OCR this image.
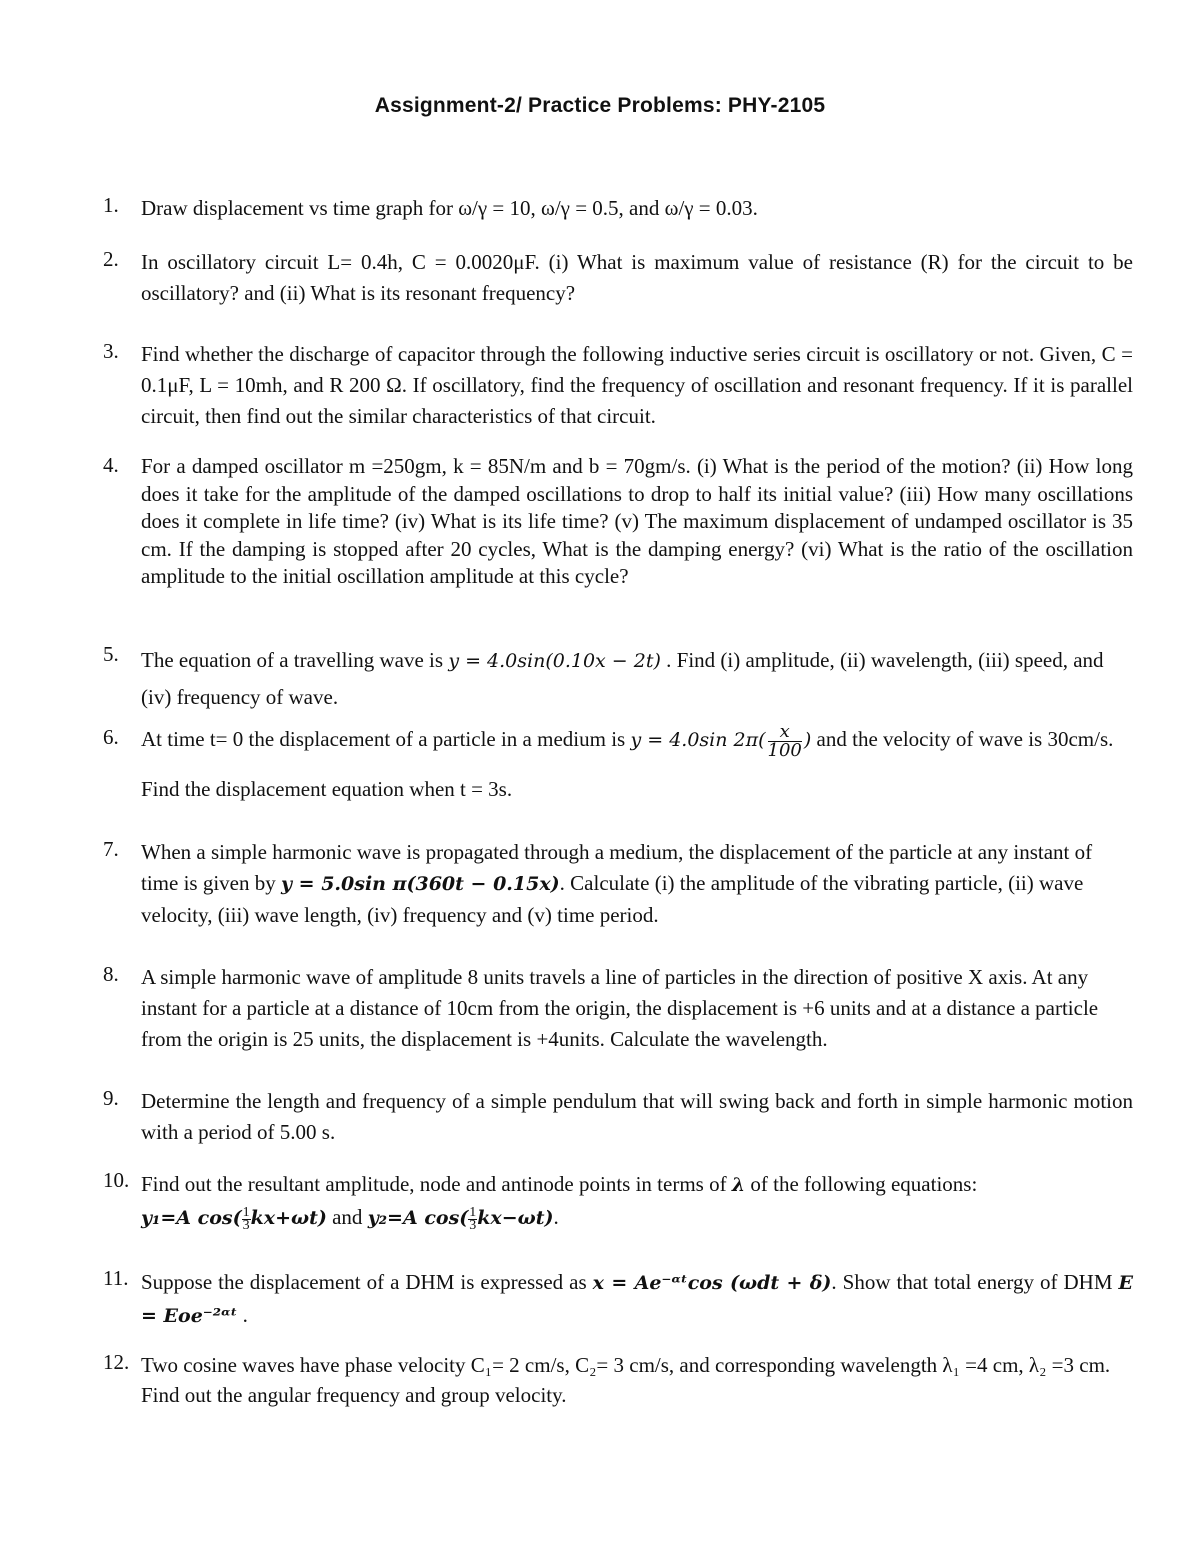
Assignment-2/ Practice Problems: PHY-2105
1.	Draw displacement vs time graph for ω/γ = 10, ω/γ = 0.5, and ω/γ = 0.03.
2.	In oscillatory circuit L= 0.4h, C = 0.0020μF. (i) What is maximum value of resistance (R) for the circuit to be oscillatory? and (ii) What is its resonant frequency?
3.	Find whether the discharge of capacitor through the following inductive series circuit is oscillatory or not. Given, C = 0.1μF, L = 10mh, and R 200 Ω. If oscillatory, find the frequency of oscillation and resonant frequency. If it is parallel circuit, then find out the similar characteristics of that circuit.
4.	For a damped oscillator m =250gm, k = 85N/m and b = 70gm/s. (i) What is the period of the motion? (ii) How long does it take for the amplitude of the damped oscillations to drop to half its initial value? (iii) How many oscillations does it complete in life time? (iv) What is its life time? (v) The maximum displacement of undamped oscillator is 35 cm. If the damping is stopped after 20 cycles, What is the damping energy? (vi) What is the ratio of the oscillation amplitude to the initial oscillation amplitude at this cycle?
5.	The equation of a travelling wave is y = 4.0sin(0.10x − 2t) . Find (i) amplitude, (ii) wavelength, (iii) speed, and (iv) frequency of wave.
6.	At time t= 0 the displacement of a particle in a medium is y = 4.0sin $2\pi( \frac{x}{100}$ ) and the velocity of wave is 30cm/s. Find the displacement equation when t = 3s.
7.	When a simple harmonic wave is propagated through a medium, the displacement of the particle at any instant of time is given by y = 5.0sin π(360t − 0.15x). Calculate (i) the amplitude of the vibrating particle, (ii) wave velocity, (iii) wave length, (iv) frequency and (v) time period.
8.	A simple harmonic wave of amplitude 8 units travels a line of particles in the direction of positive X axis. At any instant for a particle at a distance of 10cm from the origin, the displacement is +6 units and at a distance a particle from the origin is 25 units, the displacement is +4units. Calculate the wavelength.
9.	Determine the length and frequency of a simple pendulum that will swing back and forth in simple harmonic motion with a period of 5.00 s.
10. Find out the resultant amplitude, node and antinode points in terms of λ of the following equations:
y₁=A $\cos( \frac{1}{3} kx+\omega t)$ and y₂=A $\cos( \frac{1}{3} kx-\omega t)$.
11. Suppose the displacement of a DHM is expressed as x = Ae⁻ᵅᵗcos (ωdt + δ). Show that total energy of DHM E = Eoe⁻²ᵅᵗ .
12. Two cosine waves have phase velocity C₁= 2 cm/s, C₂= 3 cm/s, and corresponding wavelength λ₁ =4 cm, λ₂ =3 cm. Find out the angular frequency and group velocity.
